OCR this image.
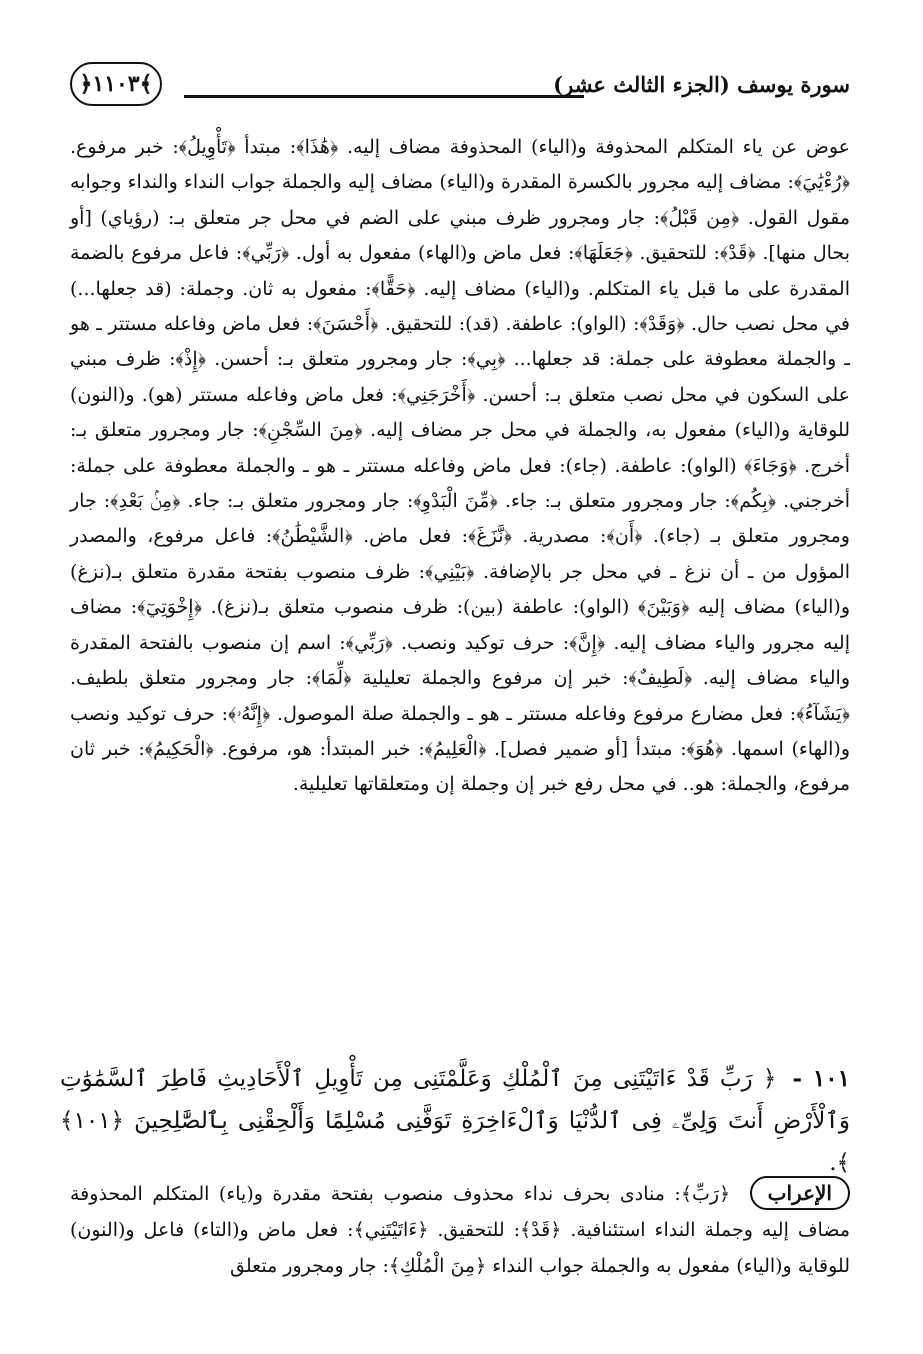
﴿١١٠٣﴾	سورة يوسف (الجزء الثالث عشر)

عوض عن ياء المتكلم المحذوفة و(الياء) المحذوفة مضاف إليه. ﴿هَٰذَا﴾: مبتدأ ﴿تَأْوِيلُ﴾: خبر مرفوع. ﴿رُءْيَٰيَ﴾: مضاف إليه مجرور بالكسرة المقدرة و(الياء) مضاف إليه والجملة جواب النداء والنداء وجوابه مقول القول. ﴿مِن قَبْلُ﴾: جار ومجرور ظرف مبني على الضم في محل جر متعلق بـ: (رؤياي) [أو بحال منها]. ﴿قَدْ﴾: للتحقيق. ﴿جَعَلَهَا﴾: فعل ماض و(الهاء) مفعول به أول. ﴿رَبِّي﴾: فاعل مرفوع بالضمة المقدرة على ما قبل ياء المتكلم. و(الياء) مضاف إليه. ﴿حَقًّا﴾: مفعول به ثان. وجملة: (قد جعلها...) في محل نصب حال. ﴿وَقَدْ﴾: (الواو): عاطفة. (قد): للتحقيق. ﴿أَحْسَنَ﴾: فعل ماض وفاعله مستتر ـ هو ـ والجملة معطوفة على جملة: قد جعلها... ﴿بِي﴾: جار ومجرور متعلق بـ: أحسن. ﴿إِذْ﴾: ظرف مبني على السكون في محل نصب متعلق بـ: أحسن. ﴿أَخْرَجَنِي﴾: فعل ماض وفاعله مستتر (هو). و(النون) للوقاية و(الياء) مفعول به، والجملة في محل جر مضاف إليه. ﴿مِنَ السِّجْنِ﴾: جار ومجرور متعلق بـ: أخرج. ﴿وَجَاءَ﴾ (الواو): عاطفة. (جاء): فعل ماض وفاعله مستتر ـ هو ـ والجملة معطوفة على جملة: أخرجني. ﴿بِكُم﴾: جار ومجرور متعلق بـ: جاء. ﴿مِّنَ الْبَدْوِ﴾: جار ومجرور متعلق بـ: جاء. ﴿مِنۢ بَعْدِ﴾: جار ومجرور متعلق بـ (جاء). ﴿أَن﴾: مصدرية. ﴿نَّزَغَ﴾: فعل ماض. ﴿الشَّيْطَٰنُ﴾: فاعل مرفوع، والمصدر المؤول من ـ أن نزغ ـ في محل جر بالإضافة. ﴿بَيْنِي﴾: ظرف منصوب بفتحة مقدرة متعلق بـ(نزغ) و(الياء) مضاف إليه ﴿وَبَيْنَ﴾ (الواو): عاطفة (بين): ظرف منصوب متعلق بـ(نزغ). ﴿إِخْوَتِيٓ﴾: مضاف إليه مجرور والياء مضاف إليه. ﴿إِنَّ﴾: حرف توكيد ونصب. ﴿رَبِّي﴾: اسم إن منصوب بالفتحة المقدرة والياء مضاف إليه. ﴿لَطِيفٌ﴾: خبر إن مرفوع والجملة تعليلية ﴿لِّمَا﴾: جار ومجرور متعلق بلطيف. ﴿يَشَآءُ﴾: فعل مضارع مرفوع وفاعله مستتر ـ هو ـ والجملة صلة الموصول. ﴿إِنَّهُۥ﴾: حرف توكيد ونصب و(الهاء) اسمها. ﴿هُوَ﴾: مبتدأ [أو ضمير فصل]. ﴿الْعَلِيمُ﴾: خبر المبتدأ: هو، مرفوع. ﴿الْحَكِيمُ﴾: خبر ثان مرفوع، والجملة: هو.. في محل رفع خبر إن وجملة إن ومتعلقاتها تعليلية.

١٠١ - ﴿ رَبِّ قَدْ ءَاتَيْتَنِى مِنَ ٱلْمُلْكِ وَعَلَّمْتَنِى مِن تَأْوِيلِ ٱلْأَحَادِيثِ فَاطِرَ ٱلسَّمَٰوَٰتِ وَٱلْأَرْضِ أَنتَ وَلِىِّۦ فِى ٱلدُّنْيَا وَٱلْءَاخِرَةِ تَوَفَّنِى مُسْلِمًا وَأَلْحِقْنِى بِٱلصَّٰلِحِينَ ﴿١٠١﴾ ﴾.
الإعراب ﴿رَبِّ﴾: منادى بحرف نداء محذوف منصوب بفتحة مقدرة و(ياء) المتكلم المحذوفة مضاف إليه وجملة النداء استئنافية. ﴿قَدْ﴾: للتحقيق. ﴿ءَاتَيْتَنِي﴾: فعل ماض و(التاء) فاعل و(النون) للوقاية و(الياء) مفعول به والجملة جواب النداء ﴿مِنَ الْمُلْكِ﴾: جار ومجرور متعلق
